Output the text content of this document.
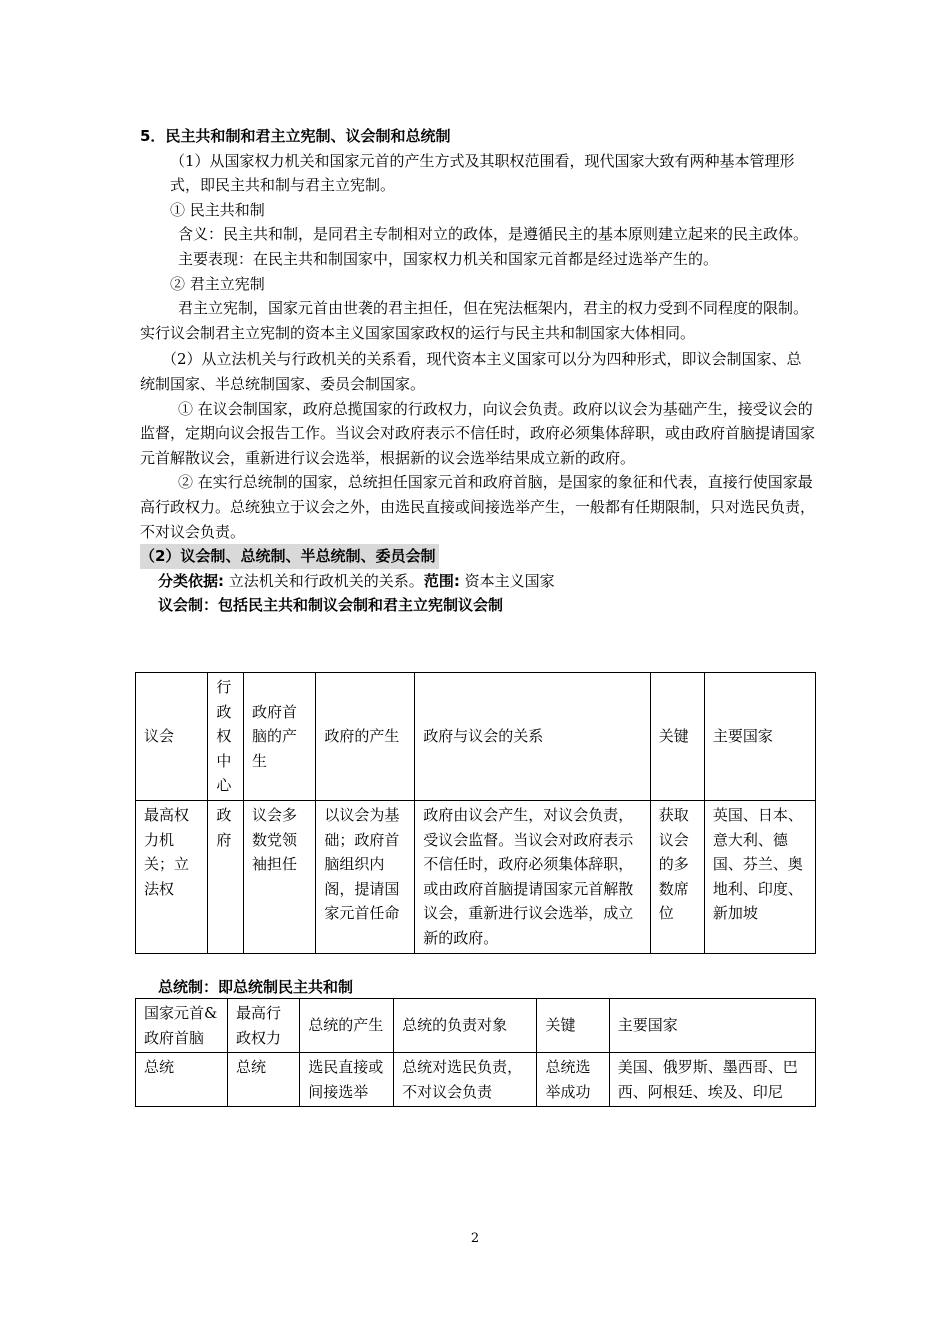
5．民主共和制和君主立宪制、议会制和总统制
（1）从国家权力机关和国家元首的产生方式及其职权范围看，现代国家大致有两种基本管理形式，即民主共和制与君主立宪制。
① 民主共和制
含义：民主共和制，是同君主专制相对立的政体，是遵循民主的基本原则建立起来的民主政体。
主要表现：在民主共和制国家中，国家权力机关和国家元首都是经过选举产生的。
② 君主立宪制
君主立宪制，国家元首由世袭的君主担任，但在宪法框架内，君主的权力受到不同程度的限制。实行议会制君主立宪制的资本主义国家国家政权的运行与民主共和制国家大体相同。
（2）从立法机关与行政机关的关系看，现代资本主义国家可以分为四种形式，即议会制国家、总统制国家、半总统制国家、委员会制国家。
① 在议会制国家，政府总揽国家的行政权力，向议会负责。政府以议会为基础产生，接受议会的监督，定期向议会报告工作。当议会对政府表示不信任时，政府必须集体辞职，或由政府首脑提请国家元首解散议会，重新进行议会选举，根据新的议会选举结果成立新的政府。
② 在实行总统制的国家，总统担任国家元首和政府首脑，是国家的象征和代表，直接行使国家最高行政权力。总统独立于议会之外，由选民直接或间接选举产生，一般都有任期限制，只对选民负责，不对议会负责。
（2）议会制、总统制、半总统制、委员会制
分类依据: 立法机关和行政机关的关系。范围: 资本主义国家
议会制：包括民主共和制议会制和君主立宪制议会制
议会	行政权中心	政府首脑的产生	政府的产生	政府与议会的关系	关键	主要国家
最高权力机关；立法权	政府	议会多数党领袖担任	以议会为基础；政府首脑组织内阁，提请国家元首任命	政府由议会产生，对议会负责，受议会监督。当议会对政府表示不信任时，政府必须集体辞职，或由政府首脑提请国家元首解散议会，重新进行议会选举，成立新的政府。	获取议会的多数席位	英国、日本、意大利、德国、芬兰、奥地利、印度、新加坡
总统制：即总统制民主共和制
国家元首&政府首脑	最高行政权力	总统的产生	总统的负责对象	关键	主要国家
总统	总统	选民直接或间接选举	总统对选民负责，不对议会负责	总统选举成功	美国、俄罗斯、墨西哥、巴西、阿根廷、埃及、印尼
2
